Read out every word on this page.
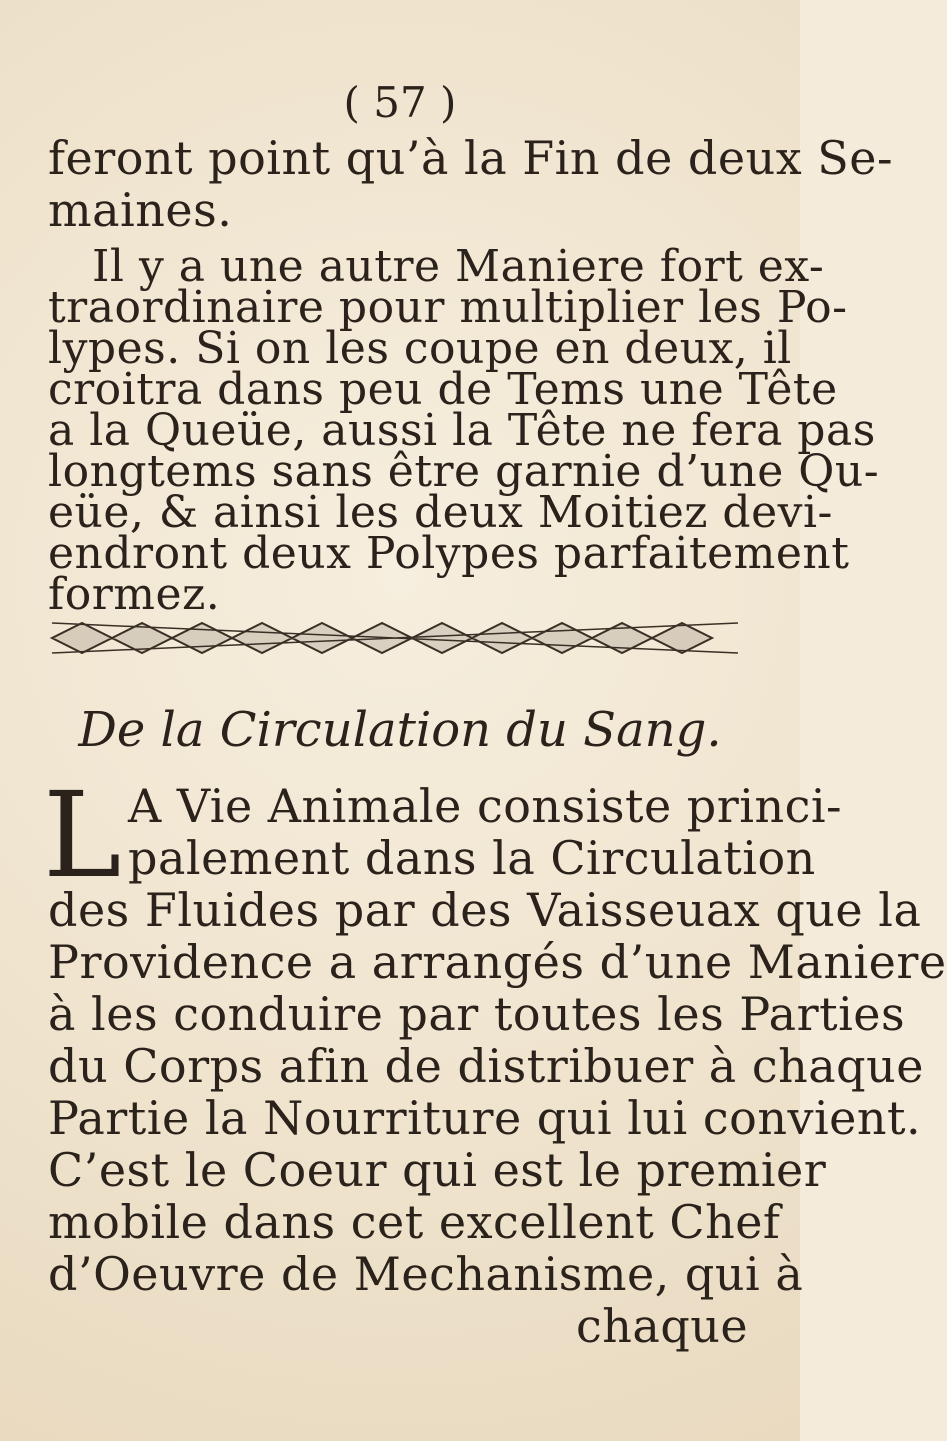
( 57 )
feront point qu’à la Fin de deux Se-
maines.
Il y a une autre Maniere fort ex-
traordinaire pour multiplier les Po-
lypes. Si on les coupe en deux, il
croitra dans peu de Tems une Tête
a la Queüe, aussi la Tête ne fera pas
longtems sans être garnie d’une Qu-
eüe, & ainsi les deux Moitiez devi-
De la Circulation du Sang.
L A Vie Animale consiste princi-
palement dans la Circulation
des Fluides par des Vaisseuax que la
Providence a arrangés d’une Maniere
à les conduire par toutes les Parties
du Corps afin de distribuer à chaque
Partie la Nourriture qui lui convient.
C’est le Coeur qui est le premier
mobile dans cet excellent Chef
d’Oeuvre de Mechanisme, qui à
chaque
endront deux Polypes parfaitement
formez.
